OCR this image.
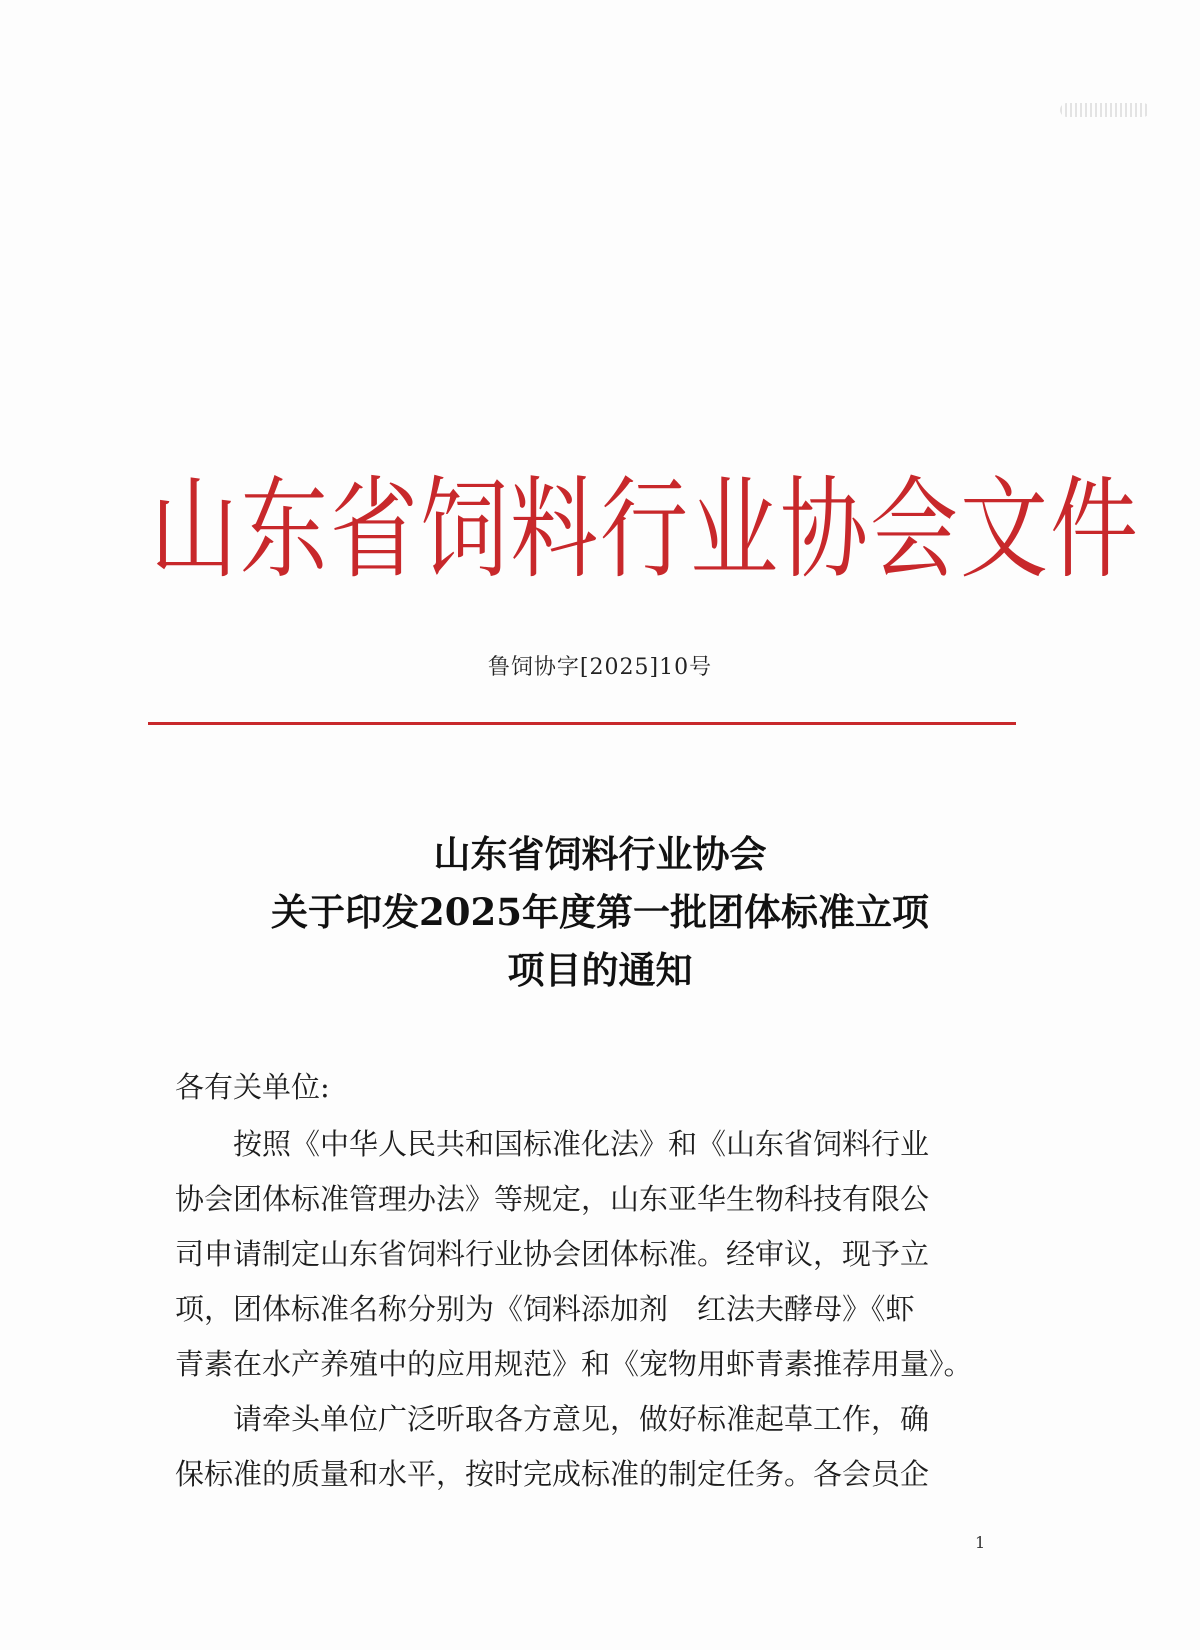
山东省饲料行业协会文件
鲁饲协字[2025]10号
山东省饲料行业协会
关于印发2025年度第一批团体标准立项
项目的通知
各有关单位:
按照《中华人民共和国标准化法》和《山东省饲料行业
协会团体标准管理办法》等规定，山东亚华生物科技有限公
司申请制定山东省饲料行业协会团体标准。经审议，现予立
项，团体标准名称分别为《饲料添加剂　红法夫酵母》《虾
青素在水产养殖中的应用规范》和《宠物用虾青素推荐用量》。
请牵头单位广泛听取各方意见，做好标准起草工作，确
保标准的质量和水平，按时完成标准的制定任务。各会员企
1
